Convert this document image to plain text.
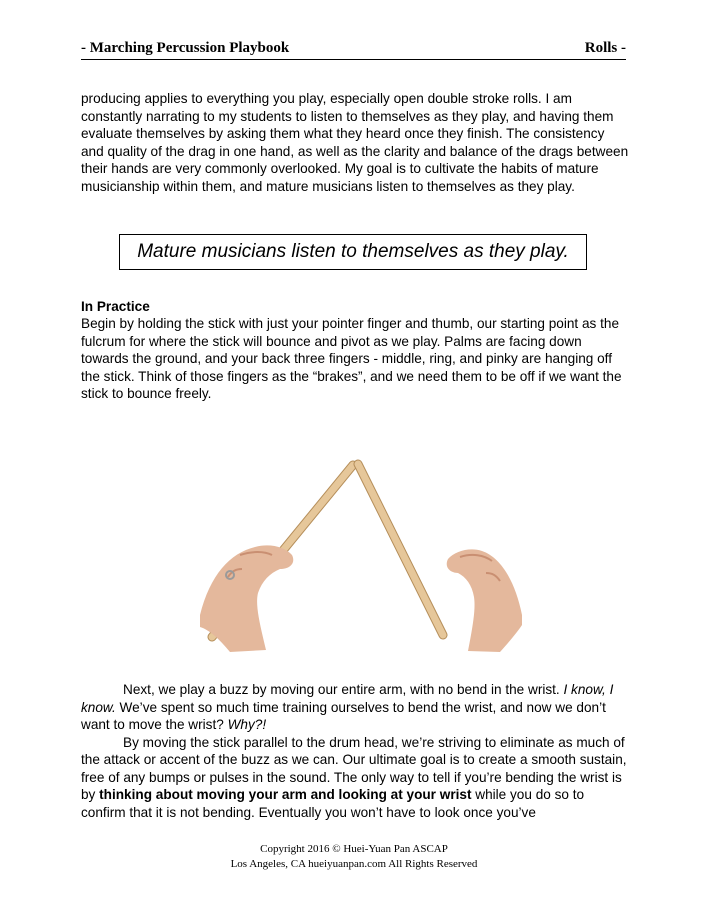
- Marching Percussion Playbook	Rolls -
producing applies to everything you play, especially open double stroke rolls. I am constantly narrating to my students to listen to themselves as they play, and having them evaluate themselves by asking them what they heard once they finish. The consistency and quality of the drag in one hand, as well as the clarity and balance of the drags between their hands are very commonly overlooked. My goal is to cultivate the habits of mature musicianship within them, and mature musicians listen to themselves as they play.
Mature musicians listen to themselves as they play.
In Practice
Begin by holding the stick with just your pointer finger and thumb, our starting point as the fulcrum for where the stick will bounce and pivot as we play. Palms are facing down towards the ground, and your back three fingers - middle, ring, and pinky are hanging off the stick. Think of those fingers as the “brakes”, and we need them to be off if we want the stick to bounce freely.
Next, we play a buzz by moving our entire arm, with no bend in the wrist. I know, I know. We’ve spent so much time training ourselves to bend the wrist, and now we don’t want to move the wrist? Why?!
By moving the stick parallel to the drum head, we’re striving to eliminate as much of the attack or accent of the buzz as we can. Our ultimate goal is to create a smooth sustain, free of any bumps or pulses in the sound. The only way to tell if you’re bending the wrist is by thinking about moving your arm and looking at your wrist while you do so to confirm that it is not bending. Eventually you won’t have to look once you’ve
Copyright 2016 © Huei-Yuan Pan ASCAP
Los Angeles, CA hueiyuanpan.com All Rights Reserved
